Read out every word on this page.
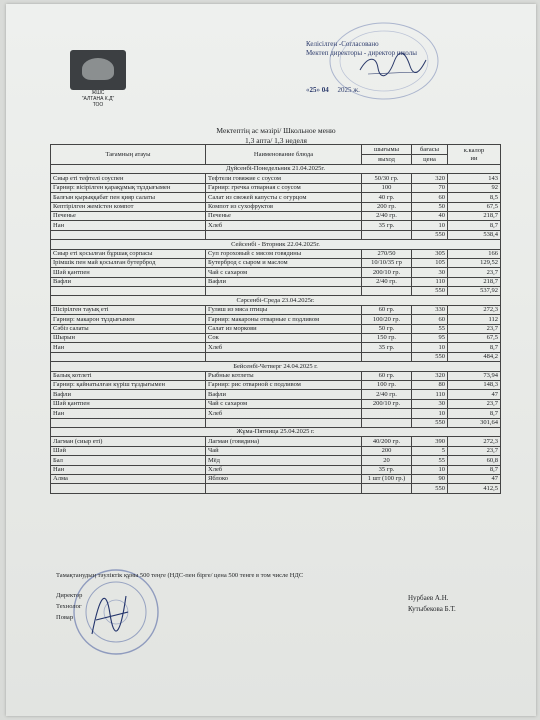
ЖШС
"АЛТАНА К.Д"
ТОО
Келісілген -Согласовано
Мектеп директоры - директор школы
«25» 04 2025 ж.
Мектептің ас мәзірі/ Школьное меню
1,3 апта/ 1,3 неделя
Тағамның атауы	Наименование блюда	шығымы	бағасы	к.калор
ии
		выход	цена	
Дүйсенбі-Понедельник 21.04.2025г.				
Сиыр еті тефтелі соуспен	Тефтели говяжие с соусом	50/30 гр.	320	143
Гарнир: вісірілген қарақұмық тұздығымен	Гарнир: гречка отварная с соусом	100	70	92
Балғын қырыққабат пен қияр салаты	Салат из свежей капусты с огурцом	40 гр.	60	8,5
Кептірілген жемістен компот	Компот из сухофруктов	200 гр.	50	67,5
Печенье	Печенье	2/40 гр.	40	218,7
Нан	Хлеб	35 гр.	10	8,7
			550	538,4
Сейсенбі - Вторник 22.04.2025г.				
Сиыр еті қосылған бұршақ сорпасы	Суп гороховый с мясом говядины	270/50	305	166
Ірімшік пен май қосылған бутерброд	Бутерброд с сыром и маслом	10/10/35 гр	105	129,52
Шәй қантпен	Чай с сахаром	200/10 гр.	30	23,7
Вафли	Вафли	2/40 гр.	110	218,7
			550	537,92
Сәрсенбі-Среда 23.04.2025г.				
Пісірілген тауық еті	Гуляш из мяса птицы	60 гр.	330	272,3
Гарнир: макарон тұздығымен	Гарнир: макароны отварные с подливом	100/20 гр.	60	112
Сәбіз салаты	Салат из моркови	50 гр.	55	23,7
Шырын	Сок	150 гр.	95	67,5
Нан	Хлеб	35 гр.	10	8,7
			550	484,2
Бейсенбі-Четверг 24.04.2025 г.				
Балық котлеті	Рыбные котлеты	60 гр.	320	73,94
Гарнир: қайнатылған күріш тұздығымен	Гарнир: рис отварной с подливом	100 гр.	80	148,3
Вафли	Вафли	2/40 гр.	110	47
Шәй қантпен	Чай с сахаром	200/10 гр.	30	23,7
Нан	Хлеб		10	8,7
			550	301,64
Жұма-Пятница 25.04.2025 г.				
Лагман (сиыр еті)	Лагман (говядина)	40/200 гр.	390	272,3
Шәй	Чай	200	5	23,7
Бал	Мёд	20	55	60,8
Нан	Хлеб	35 гр.	10	8,7
Алма	Яблоко	1 шт (100 гр.)	90	47
			550	412,5
Тамақтанудың тәуліктік құны 500 теңге (НДС-пен бірге/ цена 500 тенге в том числе НДС
Директор
Технолог
Повар
Нурбаев А.Н.
Кутыбекова Б.Т.
